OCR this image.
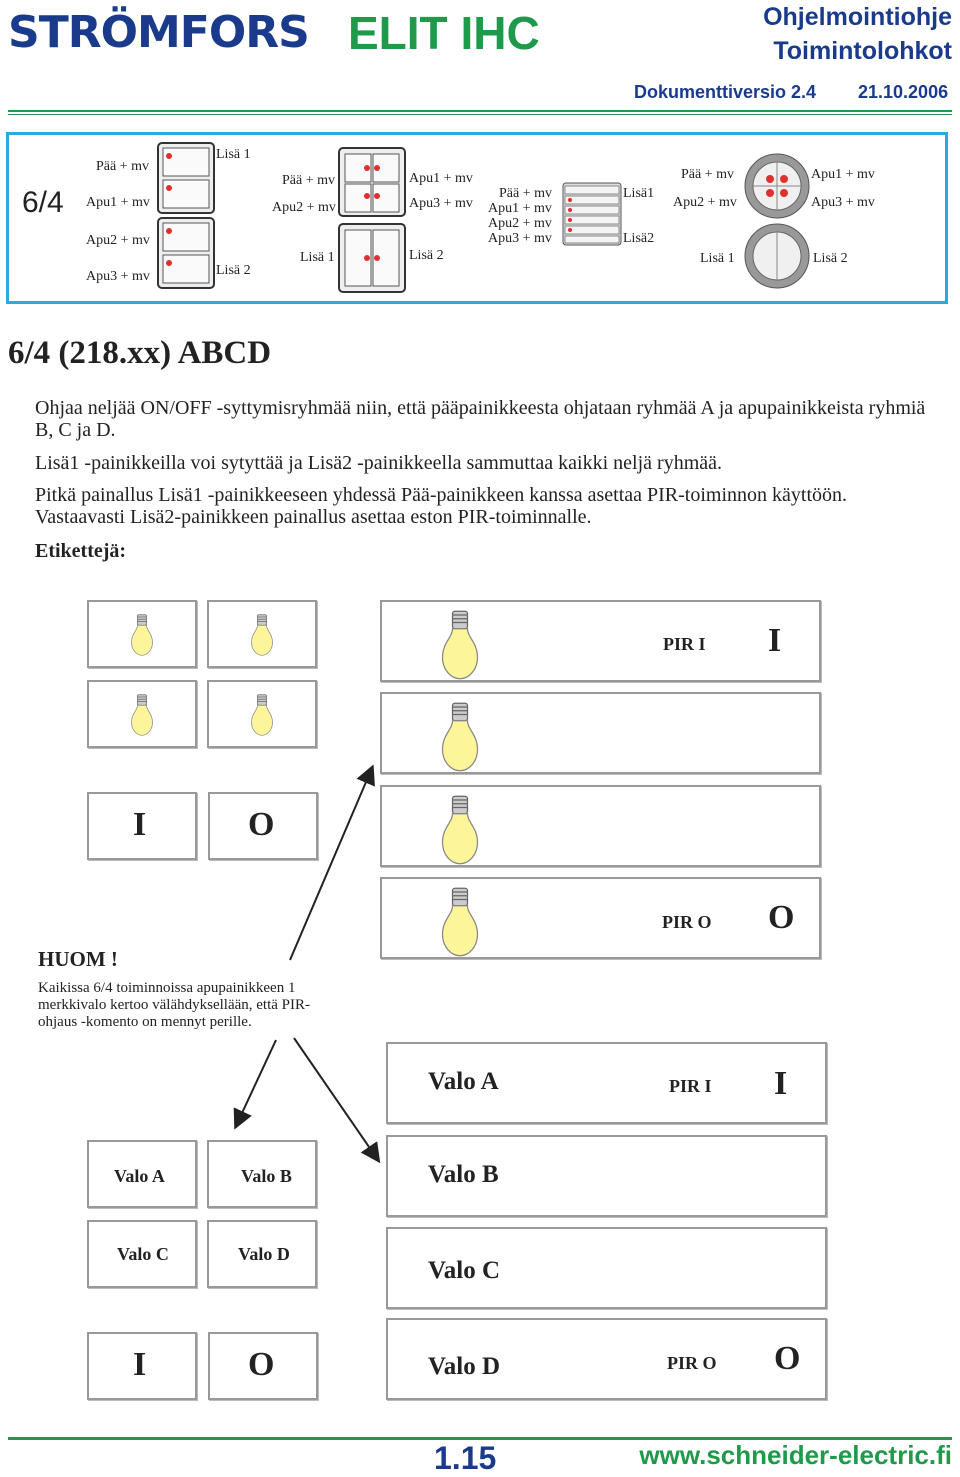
STRÖMFORS ELIT IHC	Ohjelmointiohje
Toimintolohkot
Dokumenttiversio 2.4 21.10.2006
6/4
Pää + mv
Apu1 + mv
Apu2 + mv
Apu3 + mv
Lisä 1
Lisä 2
Pää + mv
Apu2 + mv
Lisä 1
Apu1 + mv
Apu3 + mv
Lisä 2
Pää + mv
Apu1 + mv
Apu2 + mv
Apu3 + mv
Lisä1
Lisä2
Pää + mv
Apu2 + mv
Lisä 1
Apu1 + mv
Apu3 + mv
Lisä 2
6/4 (218.xx) ABCD
Ohjaa neljää ON/OFF -syttymisryhmää niin, että pääpainikkeesta ohjataan ryhmää A ja apupainikkeista ryhmiä B, C ja D.
Lisä1 -painikkeilla voi sytyttää ja Lisä2 -painikkeella sammuttaa kaikki neljä ryhmää.
Pitkä painallus Lisä1 -painikkeeseen yhdessä Pää-painikkeen kanssa asettaa PIR-toiminnon käyttöön. Vastaavasti Lisä2-painikkeen painallus asettaa eston PIR-toiminnalle.
Etikettejä:
I	O
PIR I I
PIR O O
HUOM !
Kaikissa 6/4 toiminnoissa apupainikkeen 1 merkkivalo kertoo välähdyksellään, että PIR-ohjaus -komento on mennyt perille.
Valo A	Valo B
Valo C	Valo D
I	O
Valo A	PIR I I
Valo B
Valo C
Valo D	PIR O O
1.15	www.schneider-electric.fi
